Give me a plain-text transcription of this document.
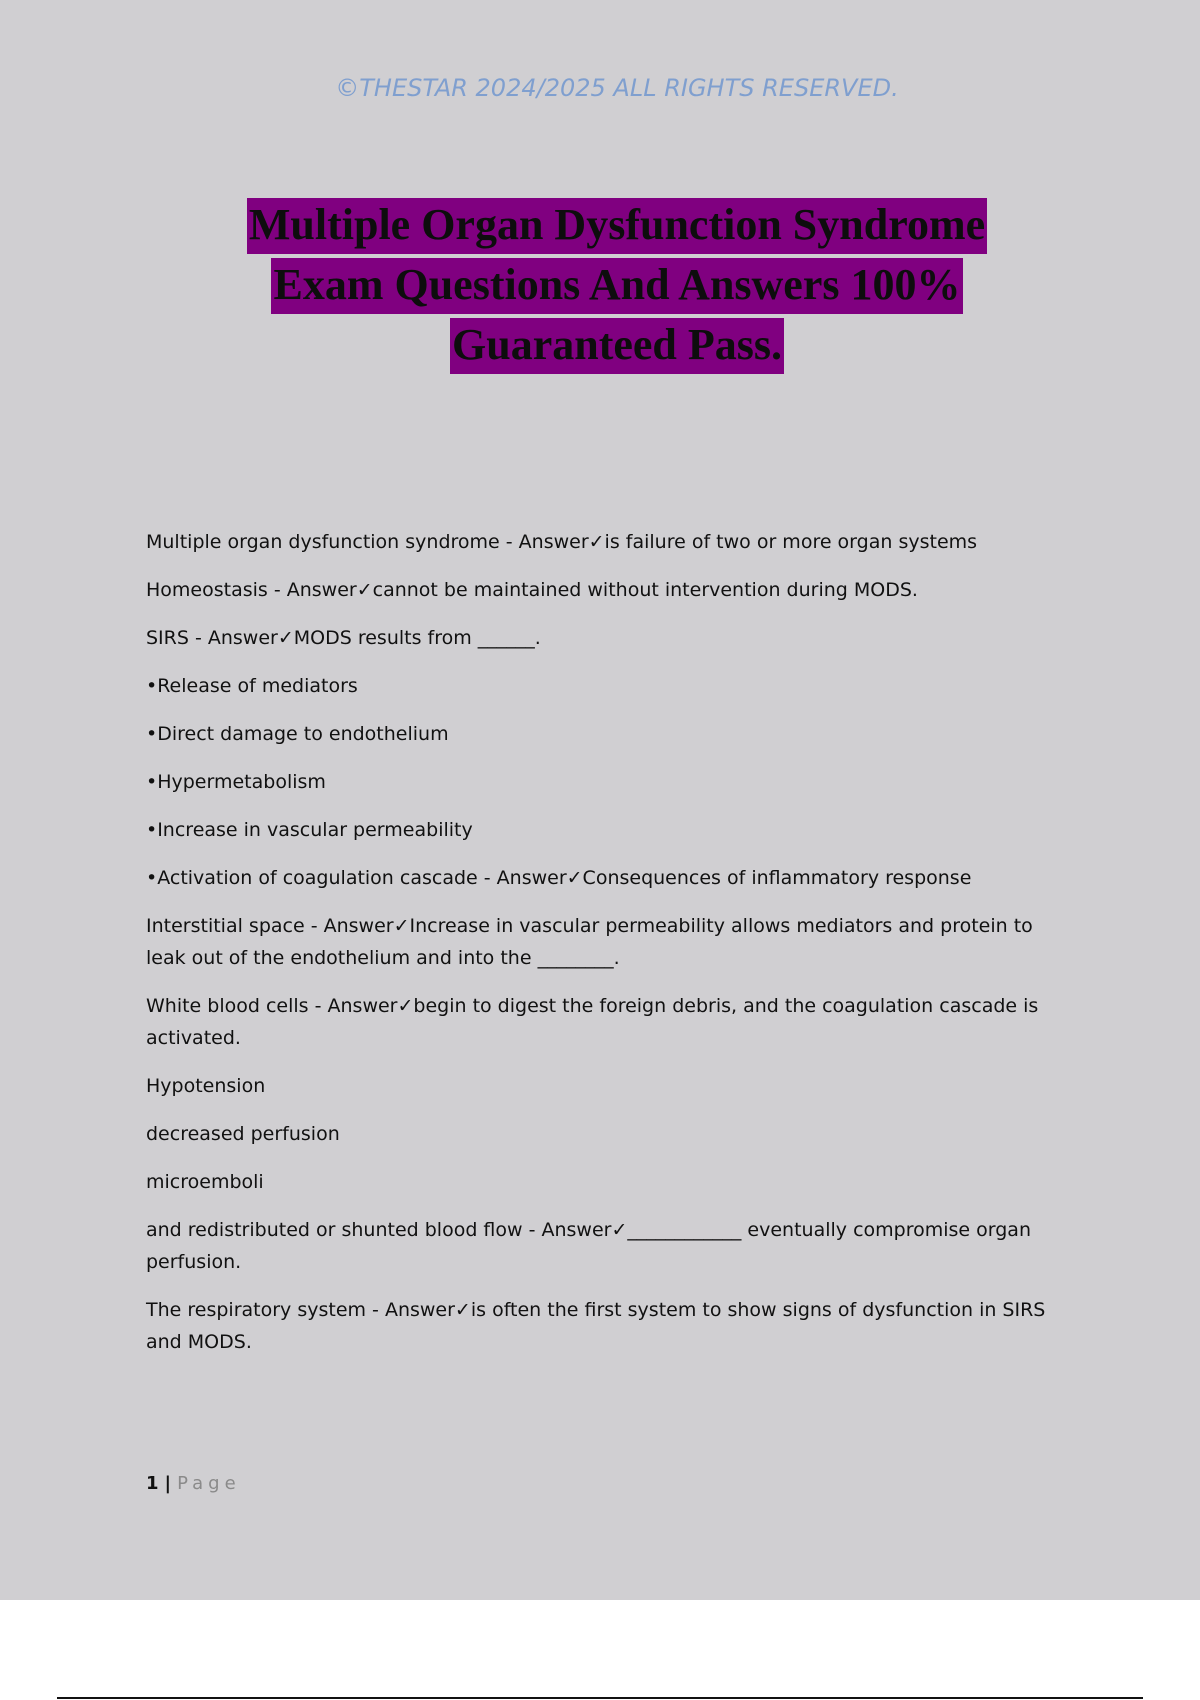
©THESTAR 2024/2025 ALL RIGHTS RESERVED.
Multiple Organ Dysfunction Syndrome
Exam Questions And Answers 100%
Guaranteed Pass.

Multiple organ dysfunction syndrome - Answer✓is failure of two or more organ systems

Homeostasis - Answer✓cannot be maintained without intervention during MODS.

SIRS - Answer✓MODS results from ______.

•Release of mediators

•Direct damage to endothelium

•Hypermetabolism

•Increase in vascular permeability

•Activation of coagulation cascade - Answer✓Consequences of inflammatory response

Interstitial space - Answer✓Increase in vascular permeability allows mediators and protein to leak out of the endothelium and into the ________.

White blood cells - Answer✓begin to digest the foreign debris, and the coagulation cascade is activated.

Hypotension

decreased perfusion

microemboli

and redistributed or shunted blood flow - Answer✓____________ eventually compromise organ perfusion.

The respiratory system - Answer✓is often the first system to show signs of dysfunction in SIRS and MODS.

1 | Page
